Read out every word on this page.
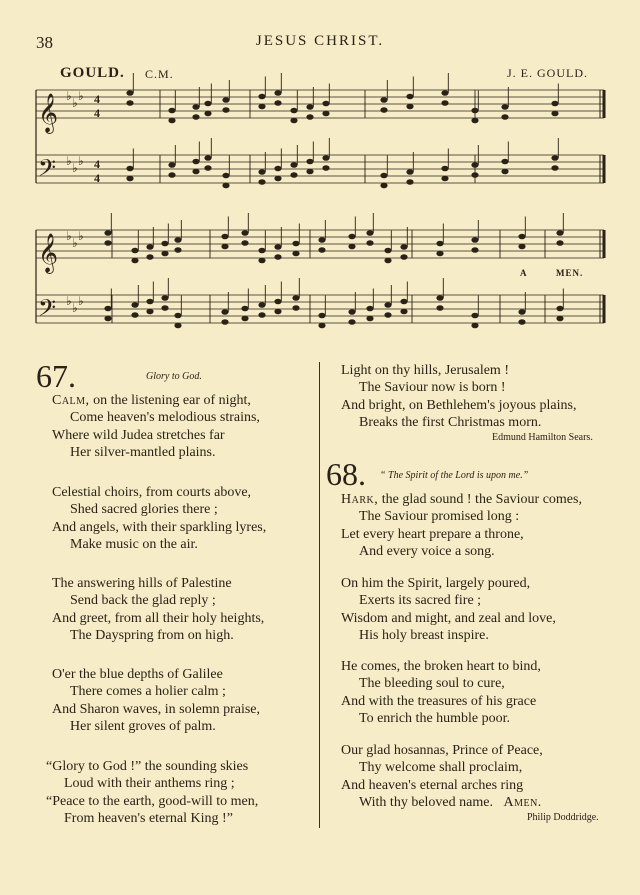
38	JESUS CHRIST.
GOULD. C.M.	J. E. GOULD.
𝄞 ♭ ♭ ♭ 4
4
𝄢 ♭ ♭ ♭ 4
4
𝄞 ♭ ♭ ♭
𝄢 ♭ ♭ ♭
A	MEN.
67.	Glory to God.
Calm, on the listening ear of night,
Come heaven's melodious strains,
Where wild Judea stretches far
Her silver-mantled plains.
Celestial choirs, from courts above,
Shed sacred glories there ;
And angels, with their sparkling lyres,
Make music on the air.
The answering hills of Palestine
Send back the glad reply ;
And greet, from all their holy heights,
The Dayspring from on high.
O'er the blue depths of Galilee
There comes a holier calm ;
And Sharon waves, in solemn praise,
Her silent groves of palm.
“Glory to God !” the sounding skies
Loud with their anthems ring ;
“Peace to the earth, good-will to men,
From heaven's eternal King !”
Light on thy hills, Jerusalem !
The Saviour now is born !
And bright, on Bethlehem's joyous plains,
Breaks the first Christmas morn.
Edmund Hamilton Sears.
68. “ The Spirit of the Lord is upon me.”
Hark, the glad sound ! the Saviour comes,
The Saviour promised long :
Let every heart prepare a throne,
And every voice a song.
On him the Spirit, largely poured,
Exerts its sacred fire ;
Wisdom and might, and zeal and love,
His holy breast inspire.
He comes, the broken heart to bind,
The bleeding soul to cure,
And with the treasures of his grace
To enrich the humble poor.
Our glad hosannas, Prince of Peace,
Thy welcome shall proclaim,
And heaven's eternal arches ring
With thy beloved name. Amen.
Philip Doddridge.
